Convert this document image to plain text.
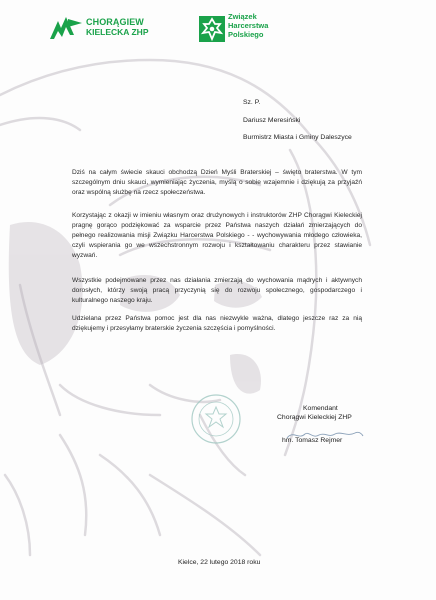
CHORĄGIEW
KIELECKA ZHP
Związek
Harcerstwa
Polskiego
Sz. P.
Dariusz Meresiński
Burmistrz Miasta i Gminy Daleszyce
Dziś na całym świecie skauci obchodzą Dzień Myśli Braterskiej – święto braterstwa. W tym szczególnym dniu skauci, wymieniając życzenia, myślą o sobie wzajemnie i dziękują za przyjaźń oraz wspólną służbę na rzecz społeczeństwa.
Korzystając z okazji w imieniu własnym oraz drużynowych i instruktorów ZHP Chorągwi Kieleckiej pragnę gorąco podziękować za wsparcie przez Państwa naszych działań zmierzających do pełnego realizowania misji Związku Harcerstwa Polskiego - - wychowywania młodego człowieka, czyli wspierania go we wszechstronnym rozwoju i kształtowaniu charakteru przez stawianie wyzwań.
Wszystkie podejmowane przez nas działania zmierzają do wychowania mądrych i aktywnych dorosłych, którzy swoją pracą przyczynią się do rozwoju społecznego, gospodarczego i kulturalnego naszego kraju.
Udzielana przez Państwa pomoc jest dla nas niezwykle ważna, dlatego jeszcze raz za nią dziękujemy i przesyłamy braterskie życzenia szczęścia i pomyślności.
Komendant
Chorągwi Kieleckiej ZHP
hm. Tomasz Rejmer
Kielce, 22 lutego 2018 roku
